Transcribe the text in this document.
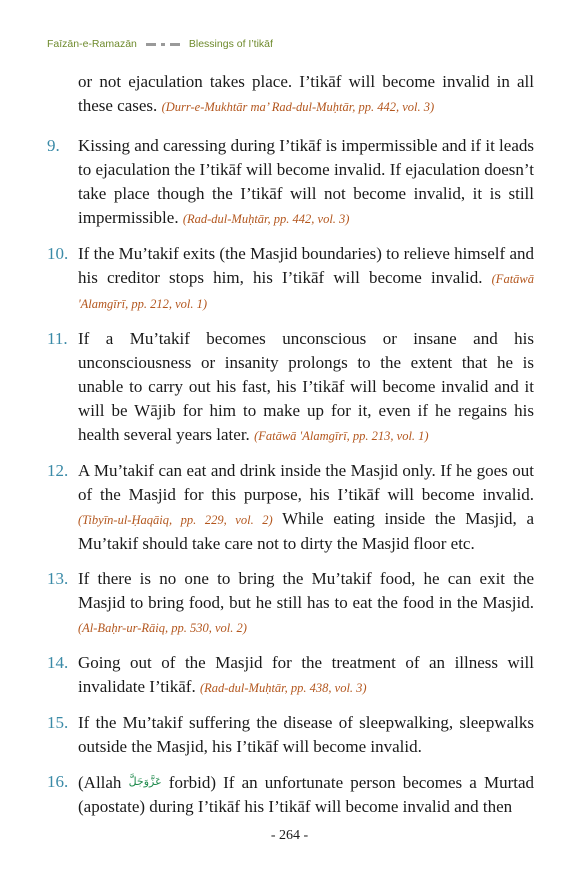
Faīzān-e-Ramazān	Blessings of I’tikāf

or not ejaculation takes place. I’tikāf will become invalid in all these cases. (Durr-e-Mukhtār ma’ Rad-dul-Muḥtār, pp. 442, vol. 3)

9. Kissing and caressing during I’tikāf is impermissible and if it leads to ejaculation the I’tikāf will become invalid. If ejaculation doesn’t take place though the I’tikāf will not become invalid, it is still impermissible. (Rad-dul-Muḥtār, pp. 442, vol. 3)

10. If the Mu’takif exits (the Masjid boundaries) to relieve himself and his creditor stops him, his I’tikāf will become invalid. (Fatāwā 'Alamgīrī, pp. 212, vol. 1)

11. If a Mu’takif becomes unconscious or insane and his unconsciousness or insanity prolongs to the extent that he is unable to carry out his fast, his I’tikāf will become invalid and it will be Wājib for him to make up for it, even if he regains his health several years later. (Fatāwā 'Alamgīrī, pp. 213, vol. 1)

12. A Mu’takif can eat and drink inside the Masjid only. If he goes out of the Masjid for this purpose, his I’tikāf will become invalid. (Tibyīn-ul-Ḥaqāiq, pp. 229, vol. 2) While eating inside the Masjid, a Mu’takif should take care not to dirty the Masjid floor etc.

13. If there is no one to bring the Mu’takif food, he can exit the Masjid to bring food, but he still has to eat the food in the Masjid. (Al-Baḥr-ur-Rāiq, pp. 530, vol. 2)

14. Going out of the Masjid for the treatment of an illness will invalidate I’tikāf. (Rad-dul-Muḥtār, pp. 438, vol. 3)

15. If the Mu’takif suffering the disease of sleepwalking, sleepwalks outside the Masjid, his I’tikāf will become invalid.

16. (Allah عَزَّوَجَلَّ forbid) If an unfortunate person becomes a Murtad (apostate) during I’tikāf his I’tikāf will become invalid and then

- 264 -
